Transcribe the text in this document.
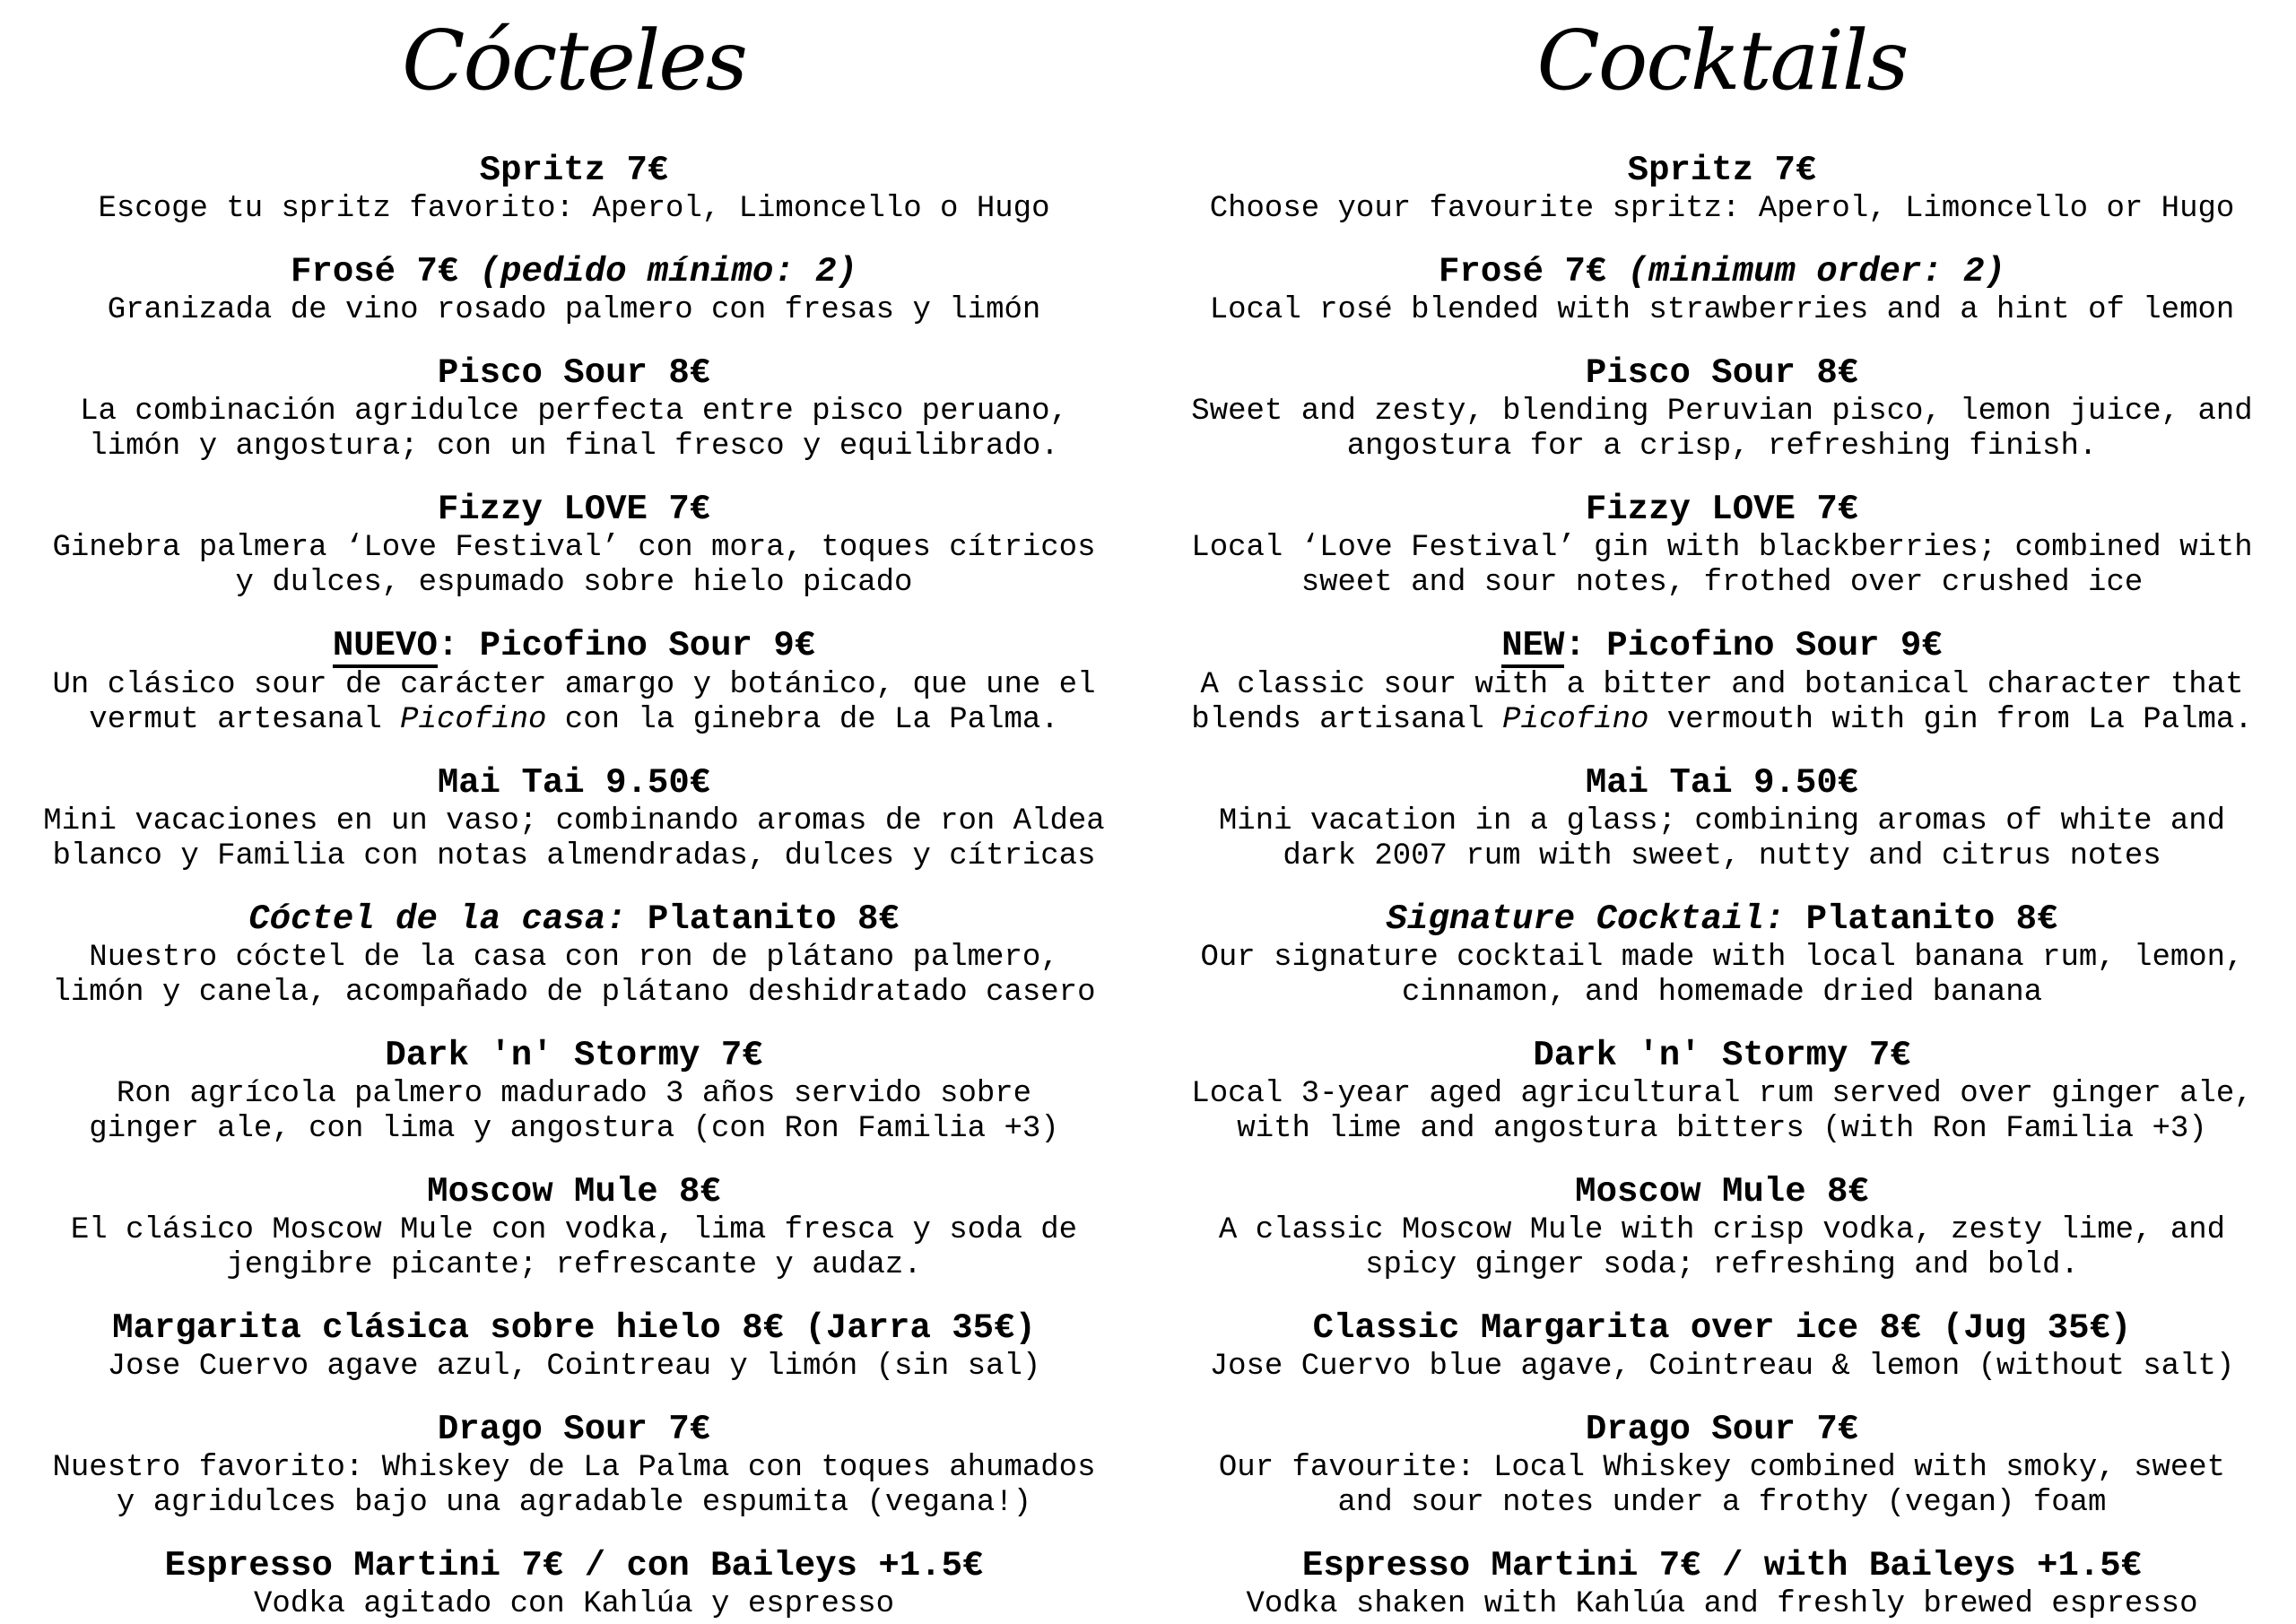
Cócteles
Spritz 7€
Escoge tu spritz favorito: Aperol, Limoncello o Hugo
Frosé 7€ (pedido mínimo: 2)
Granizada de vino rosado palmero con fresas y limón
Pisco Sour 8€
La combinación agridulce perfecta entre pisco peruano,
limón y angostura; con un final fresco y equilibrado.
Fizzy LOVE 7€
Ginebra palmera ‘Love Festival’ con mora, toques cítricos
y dulces, espumado sobre hielo picado
NUEVO: Picofino Sour 9€
Un clásico sour de carácter amargo y botánico, que une el
vermut artesanal Picofino con la ginebra de La Palma.
Mai Tai 9.50€
Mini vacaciones en un vaso; combinando aromas de ron Aldea
blanco y Familia con notas almendradas, dulces y cítricas
Cóctel de la casa: Platanito 8€
Nuestro cóctel de la casa con ron de plátano palmero,
limón y canela, acompañado de plátano deshidratado casero
Dark 'n' Stormy 7€
Ron agrícola palmero madurado 3 años servido sobre
ginger ale, con lima y angostura (con Ron Familia +3)
Moscow Mule 8€
El clásico Moscow Mule con vodka, lima fresca y soda de
jengibre picante; refrescante y audaz.
Margarita clásica sobre hielo 8€ (Jarra 35€)
Jose Cuervo agave azul, Cointreau y limón (sin sal)
Drago Sour 7€
Nuestro favorito: Whiskey de La Palma con toques ahumados
y agridulces bajo una agradable espumita (vegana!)
Espresso Martini 7€ / con Baileys +1.5€
Vodka agitado con Kahlúa y espresso
Cocktails
Spritz 7€
Choose your favourite spritz: Aperol, Limoncello or Hugo
Frosé 7€ (minimum order: 2)
Local rosé blended with strawberries and a hint of lemon
Pisco Sour 8€
Sweet and zesty, blending Peruvian pisco, lemon juice, and
angostura for a crisp, refreshing finish.
Fizzy LOVE 7€
Local ‘Love Festival’ gin with blackberries; combined with
sweet and sour notes, frothed over crushed ice
NEW: Picofino Sour 9€
A classic sour with a bitter and botanical character that
blends artisanal Picofino vermouth with gin from La Palma.
Mai Tai 9.50€
Mini vacation in a glass; combining aromas of white and
dark 2007 rum with sweet, nutty and citrus notes
Signature Cocktail: Platanito 8€
Our signature cocktail made with local banana rum, lemon,
cinnamon, and homemade dried banana
Dark 'n' Stormy 7€
Local 3-year aged agricultural rum served over ginger ale,
with lime and angostura bitters (with Ron Familia +3)
Moscow Mule 8€
A classic Moscow Mule with crisp vodka, zesty lime, and
spicy ginger soda; refreshing and bold.
Classic Margarita over ice 8€ (Jug 35€)
Jose Cuervo blue agave, Cointreau & lemon (without salt)
Drago Sour 7€
Our favourite: Local Whiskey combined with smoky, sweet
and sour notes under a frothy (vegan) foam
Espresso Martini 7€ / with Baileys +1.5€
Vodka shaken with Kahlúa and freshly brewed espresso
